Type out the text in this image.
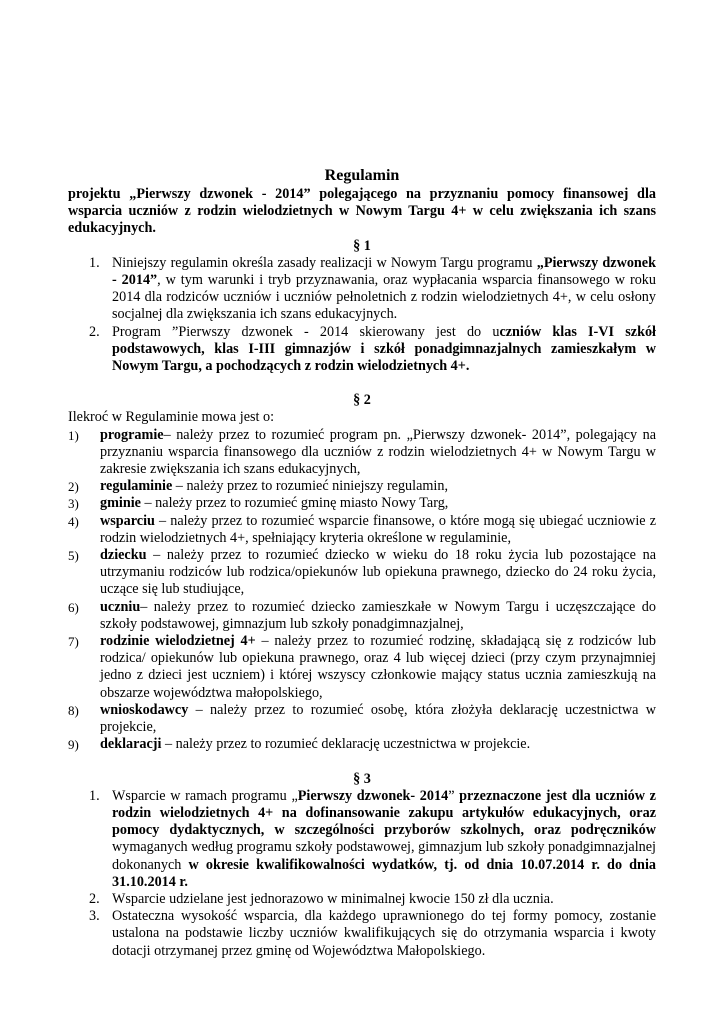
Regulamin
projektu „Pierwszy dzwonek - 2014” polegającego na przyznaniu pomocy finansowej dla wsparcia uczniów z rodzin wielodzietnych w Nowym Targu 4+ w celu zwiększania ich szans edukacyjnych.
§ 1
1. Niniejszy regulamin określa zasady realizacji w Nowym Targu programu „Pierwszy dzwonek - 2014”, w tym warunki i tryb przyznawania, oraz wypłacania wsparcia finansowego w roku 2014 dla rodziców uczniów i uczniów pełnoletnich z rodzin wielodzietnych 4+, w celu osłony socjalnej dla zwiększania ich szans edukacyjnych.
2. Program ”Pierwszy dzwonek - 2014 skierowany jest do uczniów klas I-VI szkół podstawowych, klas I-III gimnazjów i szkół ponadgimnazjalnych zamieszkałym w Nowym Targu, a pochodzących z rodzin wielodzietnych 4+.
§ 2
Ilekroć w Regulaminie mowa jest o:
1) programie– należy przez to rozumieć program pn. „Pierwszy dzwonek- 2014”, polegający na przyznaniu wsparcia finansowego dla uczniów z rodzin wielodzietnych 4+ w Nowym Targu w zakresie zwiększania ich szans edukacyjnych,
2) regulaminie – należy przez to rozumieć niniejszy regulamin,
3) gminie – należy przez to rozumieć gminę miasto Nowy Targ,
4) wsparciu – należy przez to rozumieć wsparcie finansowe, o które mogą się ubiegać uczniowie z rodzin wielodzietnych 4+, spełniający kryteria określone w regulaminie,
5) dziecku – należy przez to rozumieć dziecko w wieku do 18 roku życia lub pozostające na utrzymaniu rodziców lub rodzica/opiekunów lub opiekuna prawnego, dziecko do 24 roku życia, uczące się lub studiujące,
6) uczniu– należy przez to rozumieć dziecko zamieszkałe w Nowym Targu i uczęszczające do szkoły podstawowej, gimnazjum lub szkoły ponadgimnazjalnej,
7) rodzinie wielodzietnej 4+ – należy przez to rozumieć rodzinę, składającą się z rodziców lub rodzica/ opiekunów lub opiekuna prawnego, oraz 4 lub więcej dzieci (przy czym przynajmniej jedno z dzieci jest uczniem) i której wszyscy członkowie mający status ucznia zamieszkują na obszarze województwa małopolskiego,
8) wnioskodawcy – należy przez to rozumieć osobę, która złożyła deklarację uczestnictwa w projekcie,
9) deklaracji – należy przez to rozumieć deklarację uczestnictwa w projekcie.
§ 3
1. Wsparcie w ramach programu „Pierwszy dzwonek- 2014” przeznaczone jest dla uczniów z rodzin wielodzietnych 4+ na dofinansowanie zakupu artykułów edukacyjnych, oraz pomocy dydaktycznych, w szczególności przyborów szkolnych, oraz podręczników wymaganych według programu szkoły podstawowej, gimnazjum lub szkoły ponadgimnazjalnej dokonanych w okresie kwalifikowalności wydatków, tj. od dnia 10.07.2014 r. do dnia 31.10.2014 r.
2. Wsparcie udzielane jest jednorazowo w minimalnej kwocie 150 zł dla ucznia.
3. Ostateczna wysokość wsparcia, dla każdego uprawnionego do tej formy pomocy, zostanie ustalona na podstawie liczby uczniów kwalifikujących się do otrzymania wsparcia i kwoty dotacji otrzymanej przez gminę od Województwa Małopolskiego.
